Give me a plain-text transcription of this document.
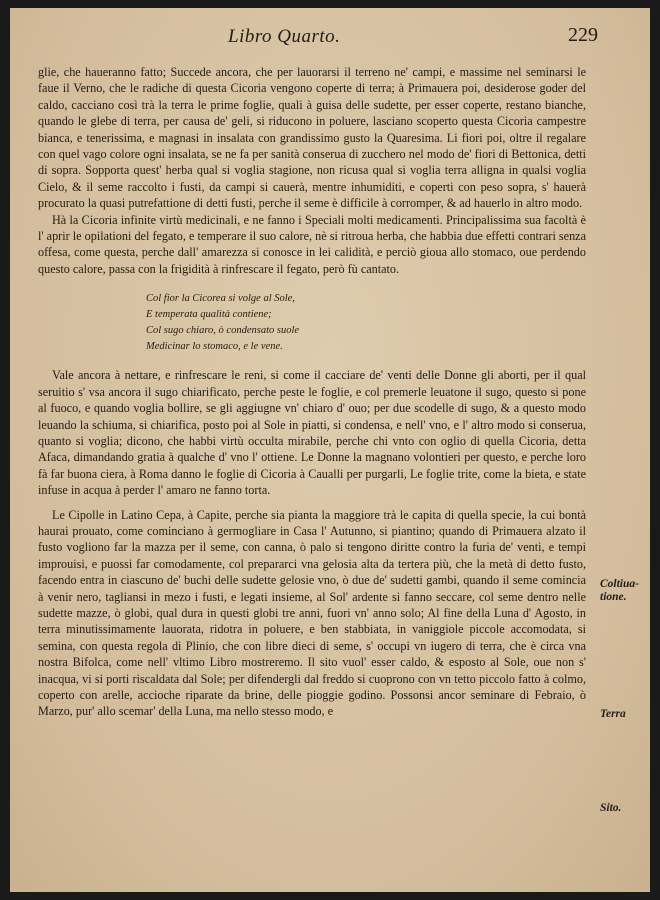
Libro Quarto.	229

glie, che haueranno fatto; Succede ancora, che per lauorarsi il terreno ne' campi, e massime nel seminarsi le faue il Verno, che le radiche di questa Cicoria vengono coperte di terra; à Primauera poi, desiderose goder del caldo, cacciano così trà la terra le prime foglie, quali à guisa delle sudette, per esser coperte, restano bianche, quando le glebe di terra, per causa de' geli, si riducono in poluere, lasciano scoperto questa Cicoria campestre bianca, e tenerissima, e magnasi in insalata con grandissimo gusto la Quaresima. Li fiori poi, oltre il regalare con quel vago colore ogni insalata, se ne fa per sanità conserua di zucchero nel modo de' fiori di Bettonica, detti di sopra. Sopporta quest' herba qual si voglia stagione, non ricusa qual si voglia terra alligna in qualsi voglia Cielo, & il seme raccolto i fusti, da campi si cauerà, mentre inhumiditi, e coperti con peso sopra, s' hauerà procurato la quasi putrefattione di detti fusti, perche il seme è difficile à corromper, & ad hauerlo in altro modo.

Hà la Cicoria infinite virtù medicinali, e ne fanno i Speciali molti medicamenti. Principalissima sua facoltà è l' aprir le opilationi del fegato, e temperare il suo calore, nè si ritroua herba, che habbia due effetti contrari senza offesa, come questa, perche dall' amarezza si conosce in lei calidità, e perciò gioua allo stomaco, oue perdendo questo calore, passa con la frigidità à rinfrescare il fegato, però fù cantato.

Col fior la Cicorea si volge al Sole,
E temperata qualità contiene;
Col sugo chiaro, ò condensato suole
Medicinar lo stomaco, e le vene.

Vale ancora à nettare, e rinfrescare le reni, si come il cacciare de' venti delle Donne gli aborti, per il qual seruitio s' vsa ancora il sugo chiarificato, perche peste le foglie, e col premerle leuatone il sugo, questo si pone al fuoco, e quando voglia bollire, se gli aggiugne vn' chiaro d' ouo; per due scodelle di sugo, & a questo modo leuando la schiuma, si chiarifica, posto poi al Sole in piatti, si condensa, e nell' vno, e l' altro modo si conserua, quanto si voglia; dicono, che habbi virtù occulta mirabile, perche chi vnto con oglio di quella Cicoria, detta Afaca, dimandando gratia à qualche d' vno l' ottiene. Le Donne la magnano volontieri per questo, e perche loro fà far buona ciera, à Roma danno le foglie di Cicoria à Caualli per purgarli, Le foglie trite, come la bieta, e state infuse in acqua à perder l' amaro ne fanno torta.

Le Cipolle in Latino Cepa, à Capite, perche sia pianta la maggiore trà le capita di quella specie, la cui bontà haurai prouato, come cominciano à germogliare in Casa l' Autunno, si piantino; quando di Primauera alzato il fusto vogliono far la mazza per il seme, con canna, ò palo si tengono diritte contro la furia de' venti, e tempi improuisi, e puossi far comodamente, col prepararci vna gelosia alta da tertera più, che la metà di detto fusto, facendo entra in ciascuno de' buchi delle sudette gelosie vno, ò due de' sudetti gambi, quando il seme comincia à venir nero, tagliansi in mezo i fusti, e legati insieme, al Sol' ardente si fanno seccare, col seme dentro nelle sudette mazze, ò globi, qual dura in questi globi tre anni, fuori vn' anno solo; Al fine della Luna d' Agosto, in terra minutissimamente lauorata, ridotra in poluere, e ben stabbiata, in vaniggiole piccole accomodata, si semina, con questa regola di Plinio, che con libre dieci di seme, s' occupi vn iugero di terra, che è circa vna nostra Bifolca, come nell' vltimo Libro mostreremo. Il sito vuol' esser caldo, & esposto al Sole, oue non s' inacqua, vi si porti riscaldata dal Sole; per difendergli dal freddo si cuoprono con vn tetto piccolo fatto à colmo, coperto con arelle, accioche riparate da brine, delle pioggie godino. Possonsi ancor seminare di Febraio, ò Marzo, pur' allo scemar' della Luna, ma nello stesso modo, e

Coltiua-tione.
Terra
Sito.
